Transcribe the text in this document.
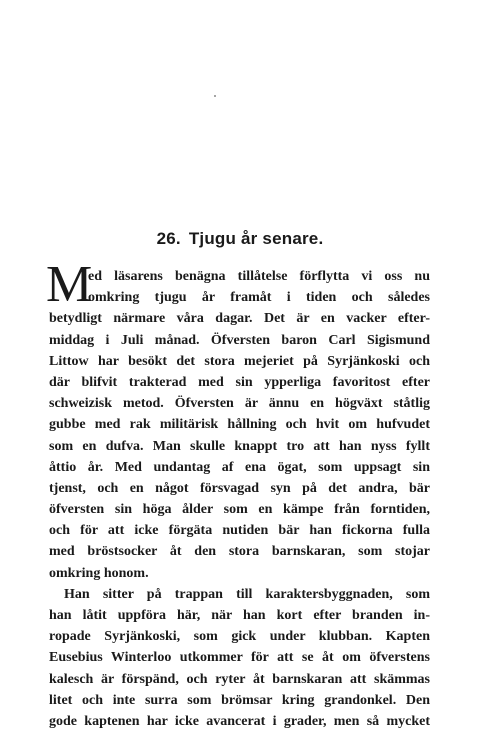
26. Tjugu år senare.
M
ed läsarens benägna tillåtelse förflytta vi oss nu
omkring tjugu år framåt i tiden och således
betydligt närmare våra dagar. Det är en vacker efter-
middag i Juli månad. Öfversten baron Carl Sigismund
Littow har besökt det stora mejeriet på Syrjänkoski och
där blifvit trakterad med sin ypperliga favoritost efter
schweizisk metod. Öfversten är ännu en högväxt ståtlig
gubbe med rak militärisk hållning och hvit om hufvudet
som en dufva. Man skulle knappt tro att han nyss fyllt
åttio år. Med undantag af ena ögat, som uppsagt sin
tjenst, och en något försvagad syn på det andra, bär
öfversten sin höga ålder som en kämpe från forntiden,
och för att icke förgäta nutiden bär han fickorna fulla
med bröstsocker åt den stora barnskaran, som stojar
omkring honom.
Han sitter på trappan till karaktersbyggnaden, som
han låtit uppföra här, när han kort efter branden in-
ropade Syrjänkoski, som gick under klubban. Kapten
Eusebius Winterloo utkommer för att se åt om öfverstens
kalesch är förspänd, och ryter åt barnskaran att skämmas
litet och inte surra som brömsar kring grandonkel. Den
gode kaptenen har icke avancerat i grader, men så mycket
